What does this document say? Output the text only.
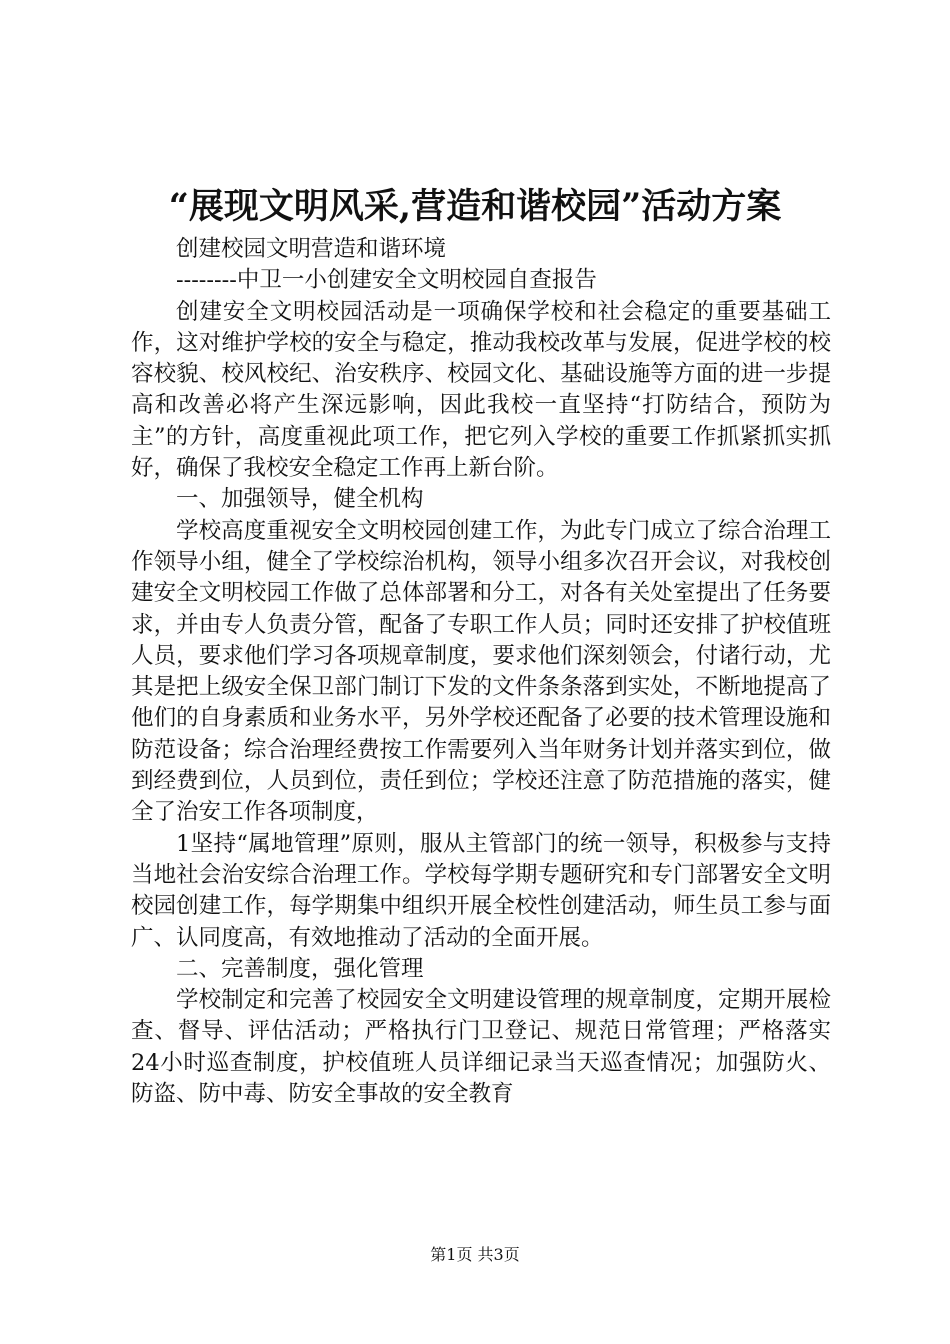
“展现文明风采,营造和谐校园”活动方案

创建校园文明营造和谐环境

--------中卫一小创建安全文明校园自查报告

创建安全文明校园活动是一项确保学校和社会稳定的重要基础工作，这对维护学校的安全与稳定，推动我校改革与发展，促进学校的校容校貌、校风校纪、治安秩序、校园文化、基础设施等方面的进一步提高和改善必将产生深远影响，因此我校一直坚持“打防结合，预防为主”的方针，高度重视此项工作，把它列入学校的重要工作抓紧抓实抓好，确保了我校安全稳定工作再上新台阶。

一、加强领导，健全机构

学校高度重视安全文明校园创建工作，为此专门成立了综合治理工作领导小组，健全了学校综治机构，领导小组多次召开会议，对我校创建安全文明校园工作做了总体部署和分工，对各有关处室提出了任务要求，并由专人负责分管，配备了专职工作人员；同时还安排了护校值班人员，要求他们学习各项规章制度，要求他们深刻领会，付诸行动，尤其是把上级安全保卫部门制订下发的文件条条落到实处，不断地提高了他们的自身素质和业务水平，另外学校还配备了必要的技术管理设施和防范设备；综合治理经费按工作需要列入当年财务计划并落实到位，做到经费到位，人员到位，责任到位；学校还注意了防范措施的落实，健全了治安工作各项制度，

1坚持“属地管理”原则，服从主管部门的统一领导，积极参与支持当地社会治安综合治理工作。学校每学期专题研究和专门部署安全文明校园创建工作，每学期集中组织开展全校性创建活动，师生员工参与面广、认同度高，有效地推动了活动的全面开展。

二、完善制度，强化管理

学校制定和完善了校园安全文明建设管理的规章制度，定期开展检查、督导、评估活动；严格执行门卫登记、规范日常管理；严格落实24小时巡查制度，护校值班人员详细记录当天巡查情况；加强防火、防盗、防中毒、防安全事故的安全教育

第1页 共3页
